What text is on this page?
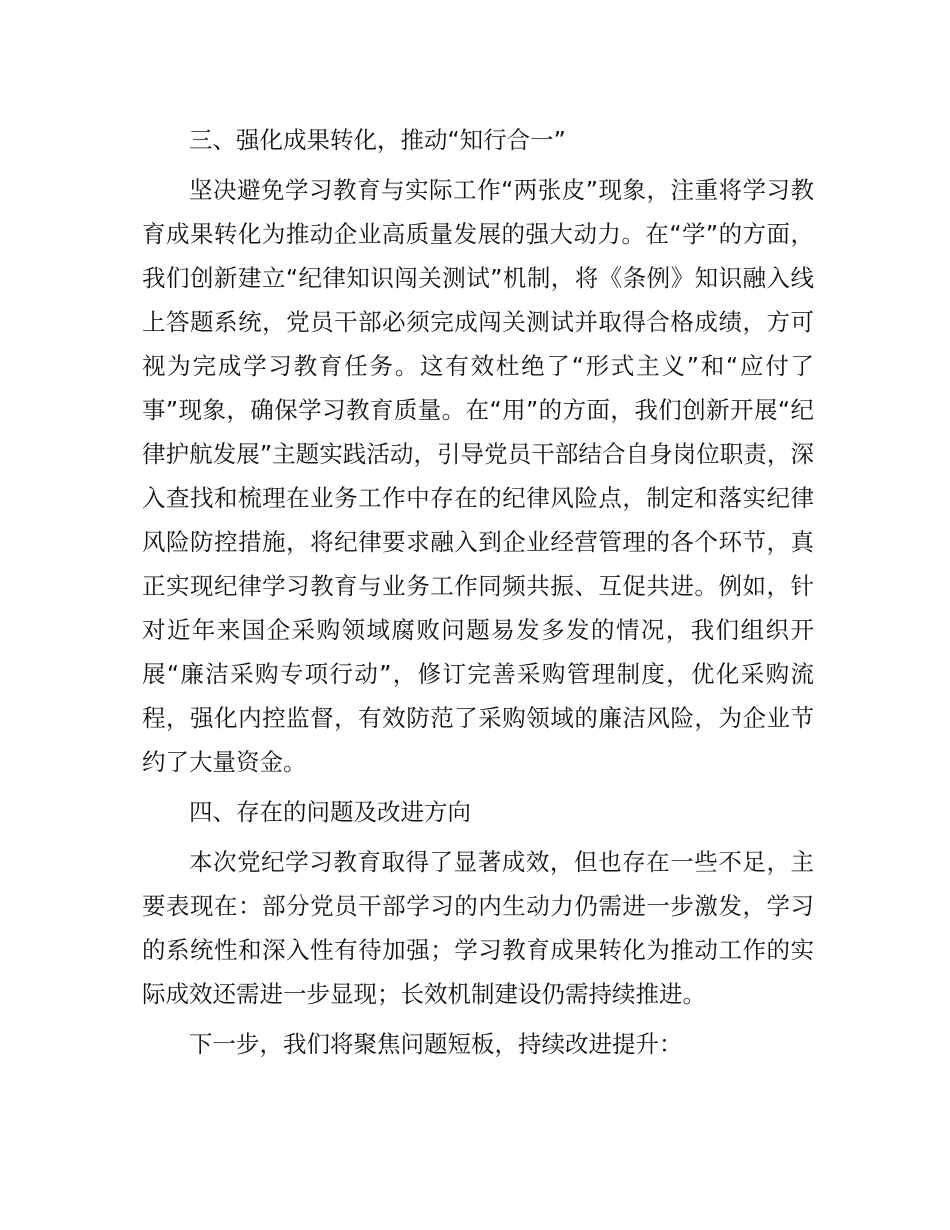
三、强化成果转化，推动“知行合一”

坚决避免学习教育与实际工作“两张皮”现象，注重将学习教育成果转化为推动企业高质量发展的强大动力。在“学”的方面，我们创新建立“纪律知识闯关测试”机制，将《条例》知识融入线上答题系统，党员干部必须完成闯关测试并取得合格成绩，方可视为完成学习教育任务。这有效杜绝了“形式主义”和“应付了事”现象，确保学习教育质量。在“用”的方面，我们创新开展“纪律护航发展”主题实践活动，引导党员干部结合自身岗位职责，深入查找和梳理在业务工作中存在的纪律风险点，制定和落实纪律风险防控措施，将纪律要求融入到企业经营管理的各个环节，真正实现纪律学习教育与业务工作同频共振、互促共进。例如，针对近年来国企采购领域腐败问题易发多发的情况，我们组织开展“廉洁采购专项行动”，修订完善采购管理制度，优化采购流程，强化内控监督，有效防范了采购领域的廉洁风险，为企业节约了大量资金。

四、存在的问题及改进方向

本次党纪学习教育取得了显著成效，但也存在一些不足，主要表现在：部分党员干部学习的内生动力仍需进一步激发，学习的系统性和深入性有待加强；学习教育成果转化为推动工作的实际成效还需进一步显现；长效机制建设仍需持续推进。

下一步，我们将聚焦问题短板，持续改进提升：
